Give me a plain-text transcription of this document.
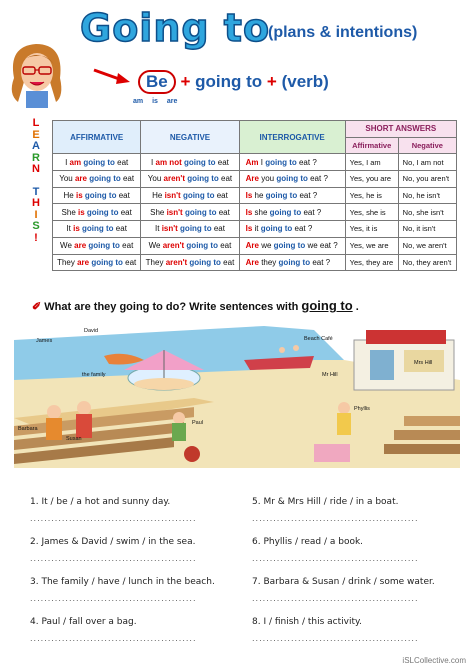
Going to
(plans & intentions)
Be + going to + (verb)
am is are
L
E
A
R
N
T
H
I
S
!
AFFIRMATIVE	NEGATIVE	INTERROGATIVE	SHORT ANSWERS	
			Affirmative	Negative
I am going to eat	I am not going to eat	Am I going to eat ?	Yes, I am	No, I am not
You are going to eat	You aren't going to eat	Are you going to eat ?	Yes, you are	No, you aren't
He is going to eat	He isn't going to eat	Is he going to eat ?	Yes, he is	No, he isn't
She is going to eat	She isn't going to eat	Is she going to eat ?	Yes, she is	No, she isn't
It is going to eat	It isn't going to eat	Is it going to eat ?	Yes, it is	No, it isn't
We are going to eat	We aren't going to eat	Are we going to we eat ?	Yes, we are	No, we aren't
They are going to eat	They aren't going to eat	Are they going to eat ?	Yes, they are	No, they aren't
✐ What are they going to do? Write sentences with going to .
David
James
the family
Susan
Barbara
Paul
Mr Hill
Mrs Hill
Phyllis
Beach Café
1. It / be / a hot and sunny day.
...............................................
2. James & David / swim / in the sea.
...............................................
3. The family / have / lunch in the beach.
...............................................
4. Paul / fall over a bag.
...............................................
5. Mr & Mrs Hill / ride / in a boat.
...............................................
6. Phyllis / read / a book.
...............................................
7. Barbara & Susan / drink / some water.
...............................................
8. I / finish / this activity.
...............................................
iSLCollective.com
